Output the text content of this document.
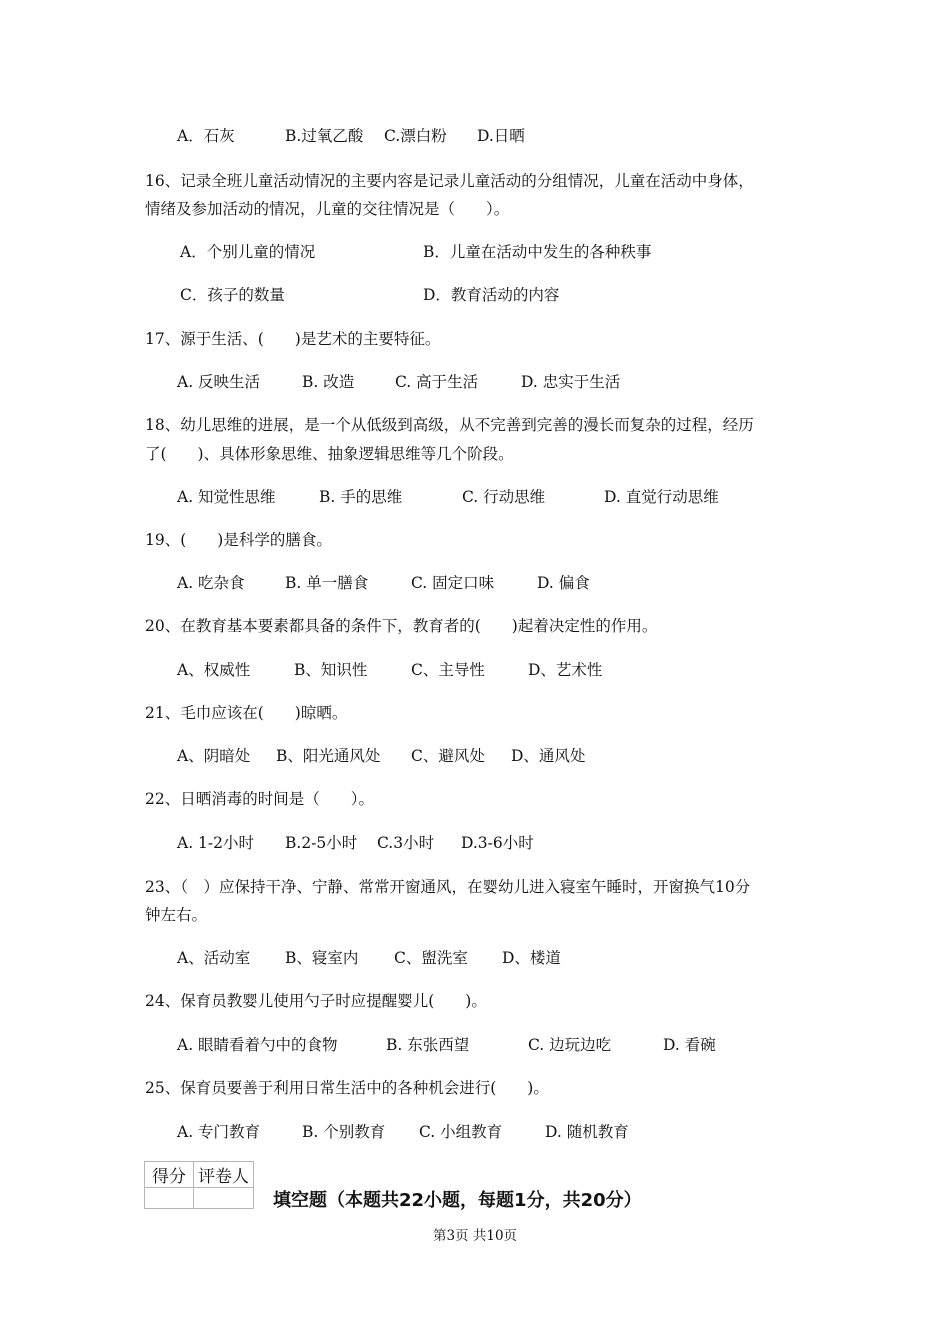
A．石灰	B.过氧乙酸 C.漂白粉 D.日晒
16、记录全班儿童活动情况的主要内容是记录儿童活动的分组情况，儿童在活动中身体，
情绪及参加活动的情况，儿童的交往情况是（　　）。
A．个别儿童的情况	B．儿童在活动中发生的各种秩事
C．孩子的数量	D．教育活动的内容
17、源于生活、(　　)是艺术的主要特征。
A. 反映生活	B. 改造	C. 高于生活	D. 忠实于生活
18、幼儿思维的进展，是一个从低级到高级，从不完善到完善的漫长而复杂的过程，经历
了(　　)、具体形象思维、抽象逻辑思维等几个阶段。
A. 知觉性思维	B. 手的思维	C. 行动思维	D. 直觉行动思维
19、(　　)是科学的膳食。
A. 吃杂食	B. 单一膳食	C. 固定口味	D. 偏食
20、在教育基本要素都具备的条件下，教育者的(　　)起着决定性的作用。
A、权威性	B、知识性	C、主导性	D、艺术性
21、毛巾应该在(　　)晾晒。
A、阴暗处 B、阳光通风处 C、避风处 D、通风处
22、日晒消毒的时间是（　　）。
A. 1-2小时 B.2-5小时 C.3小时 D.3-6小时
23、（　）应保持干净、宁静、常常开窗通风，在婴幼儿进入寝室午睡时，开窗换气10分
钟左右。
A、活动室 B、寝室内 C、盥洗室 D、楼道
24、保育员教婴儿使用勺子时应提醒婴儿(　　)。
A. 眼睛看着勺中的食物	B. 东张西望	C. 边玩边吃	D. 看碗
25、保育员要善于利用日常生活中的各种机会进行(　　)。
A. 专门教育	B. 个别教育 C. 小组教育	D. 随机教育
得分	评卷人

填空题（本题共22小题，每题1分，共20分）
第3页 共10页
